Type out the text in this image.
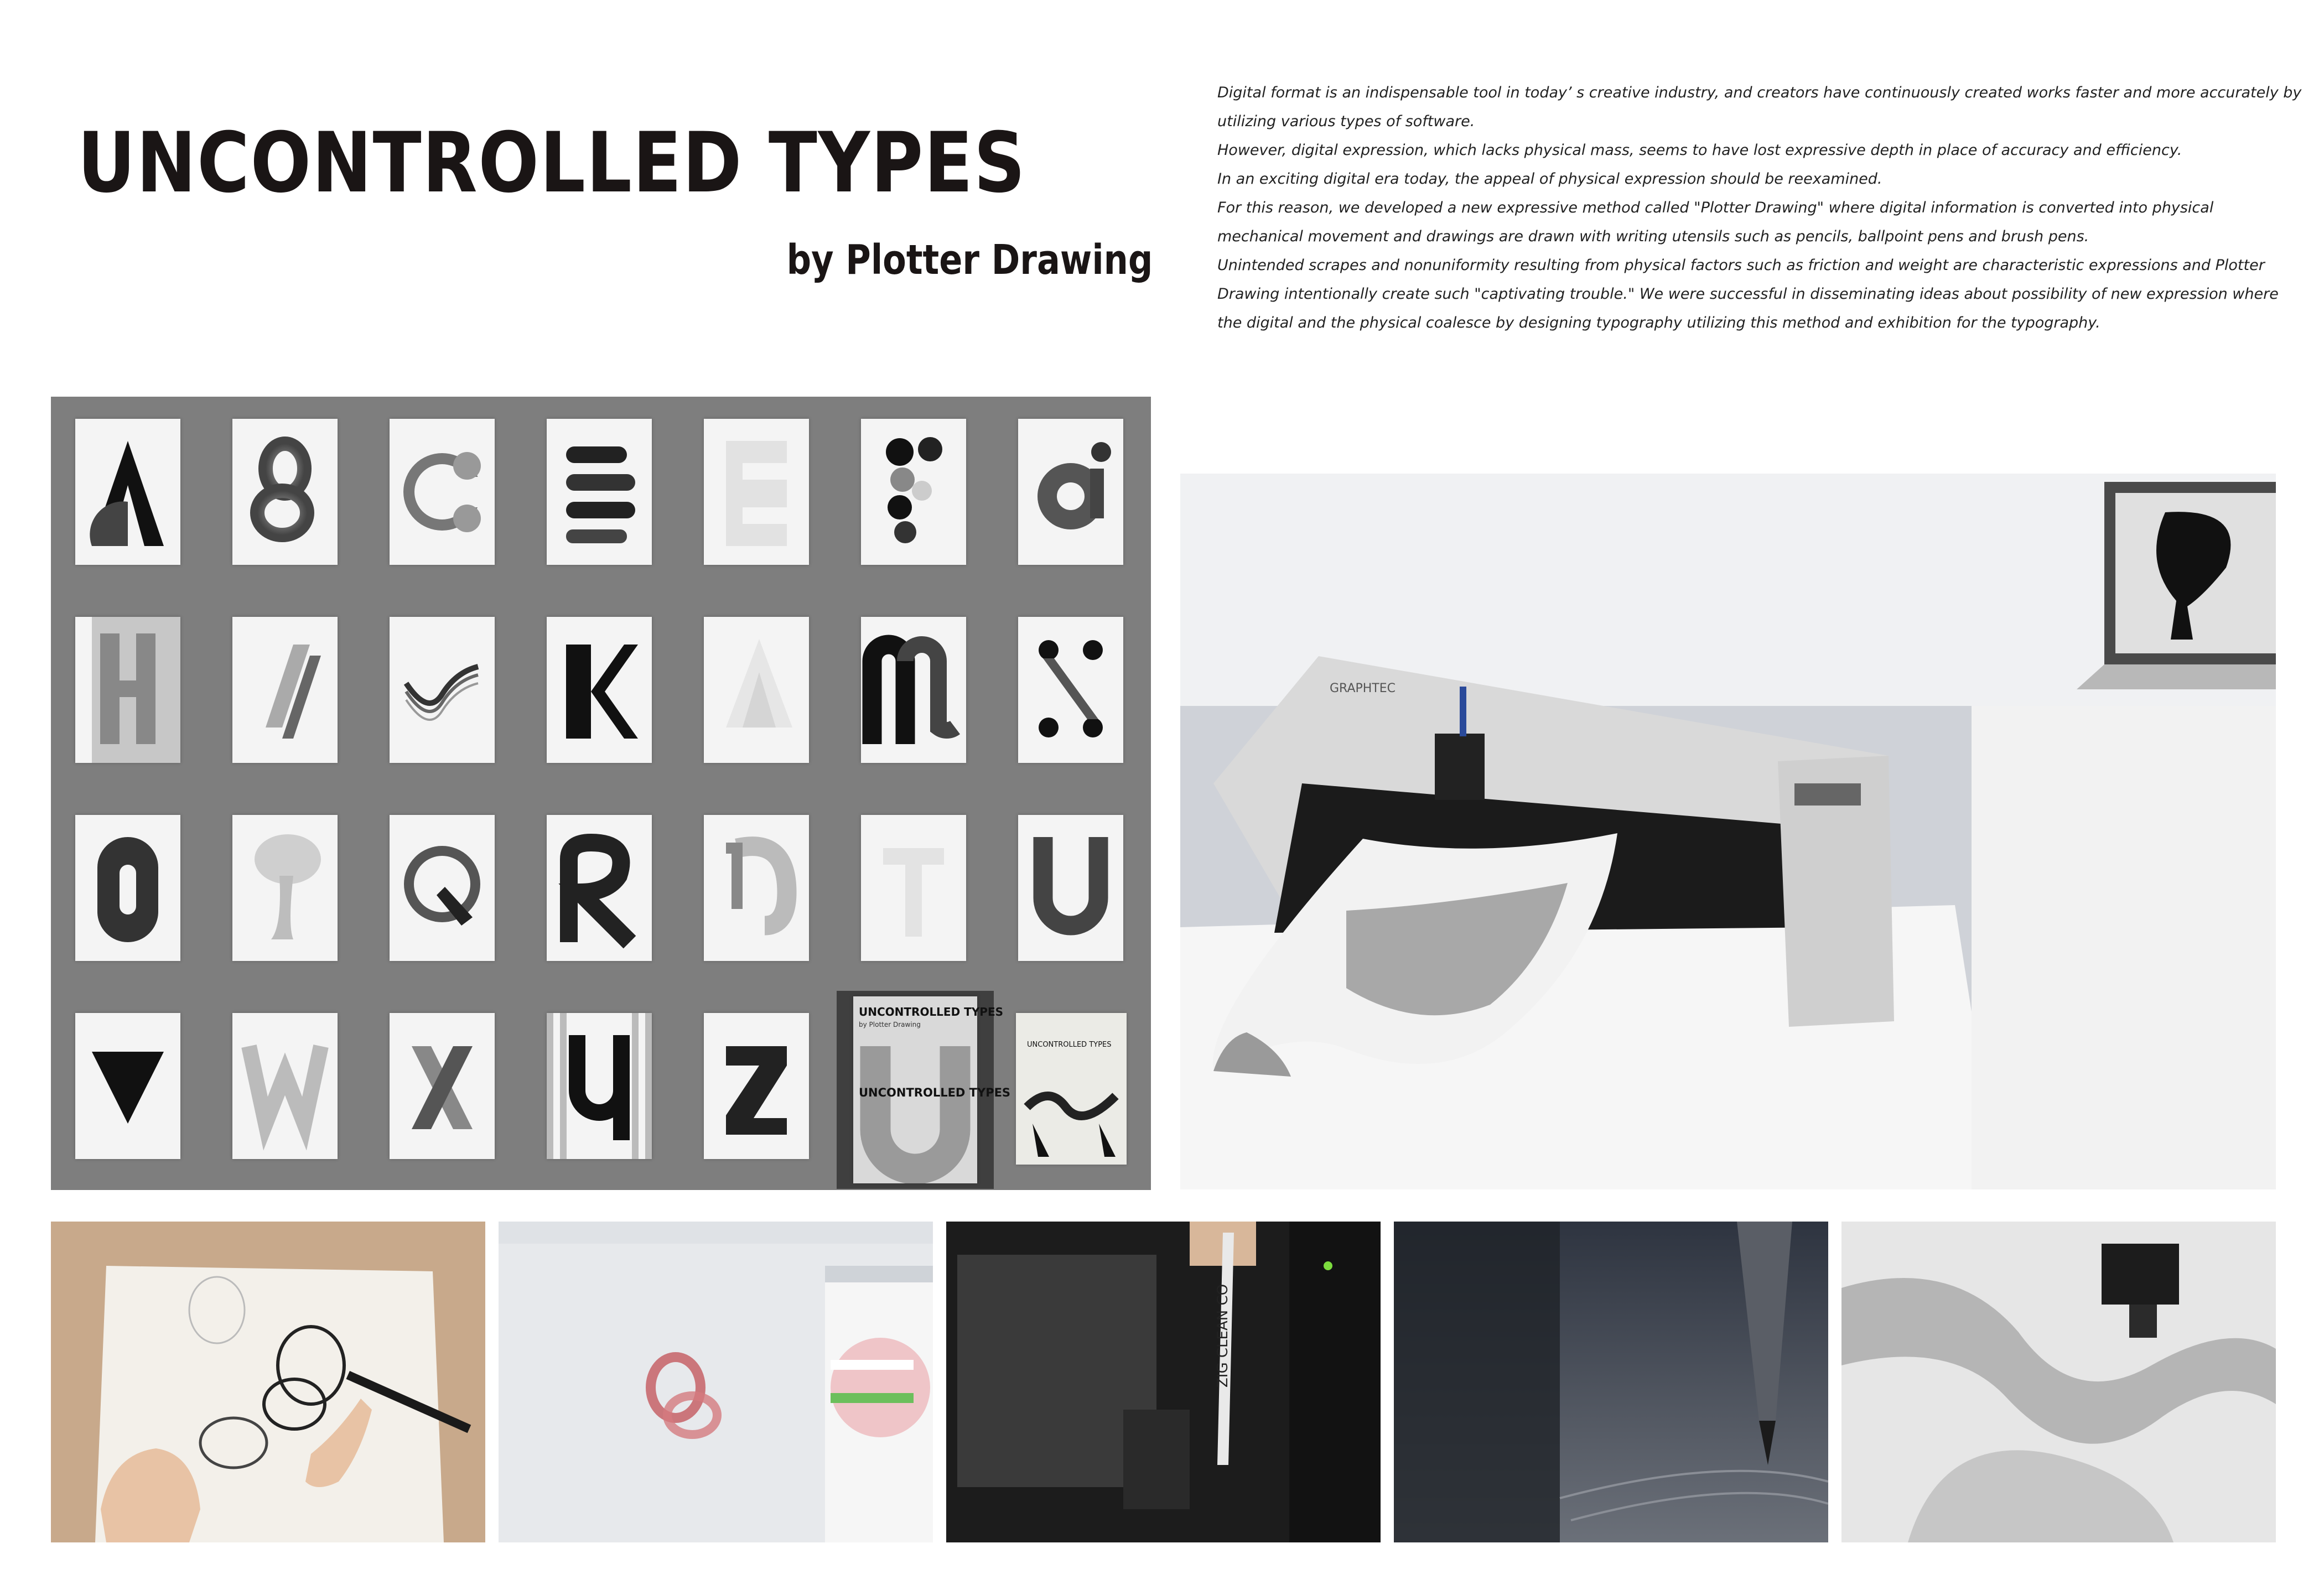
UNCONTROLLED TYPES
by Plotter Drawing

Digital format is an indispensable tool in today’ s creative industry, and creators have continuously created works faster and more accurately by utilizing various types of software.

However, digital expression, which lacks physical mass, seems to have lost expressive depth in place of accuracy and efficiency.

In an exciting digital era today, the appeal of physical expression should be reexamined.

For this reason, we developed a new expressive method called "Plotter Drawing" where digital information is converted into physical mechanical movement and drawings are drawn with writing utensils such as pencils, ballpoint pens and brush pens.

Unintended scrapes and nonuniformity resulting from physical factors such as friction and weight are characteristic expressions and Plotter Drawing intentionally create such "captivating trouble." We were successful in disseminating ideas about possibility of new expression where the digital and the physical coalesce by designing typography utilizing this method and exhibition for the typography.

UNCONTROLLED TYPES
by Plotter Drawing
UNCONTROLLED TYPES
UNCONTROLLED TYPES
GRAPHTEC
ZIG CLEAN CO
